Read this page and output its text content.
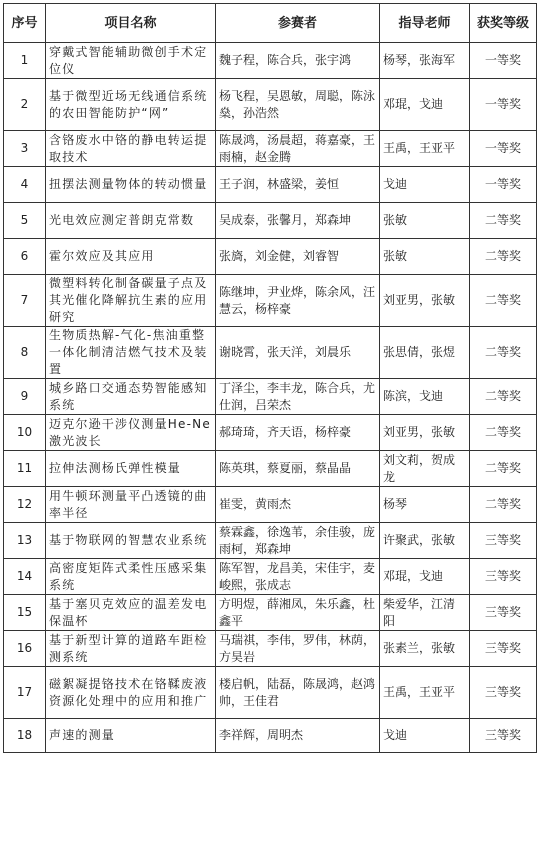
序号	项目名称	参赛者	指导老师	获奖等级
1	穿戴式智能辅助微创手术定位仪	魏子程，陈合兵，张宇鸿	杨琴，张海军	一等奖
2	基于微型近场无线通信系统的农田智能防护“网”	杨飞程，吴恩敏，周聪，陈泳燊，孙浩然	邓琨，戈迪	一等奖
3	含铬废水中铬的静电转运提取技术	陈晟鸿，汤晨超，蒋嘉豪，王雨楠，赵金腾	王禹，王亚平	一等奖
4	扭摆法测量物体的转动惯量	王子润，林盛梁，姜恒	戈迪	一等奖
5	光电效应测定普朗克常数	吴成泰，张馨月，郑森坤	张敏	二等奖
6	霍尔效应及其应用	张旖，刘金健，刘睿智	张敏	二等奖
7	微塑料转化制备碳量子点及其光催化降解抗生素的应用研究	陈继坤，尹业烨，陈余风，汪慧云，杨梓豪	刘亚男，张敏	二等奖
8	生物质热解-气化-焦油重整一体化制清洁燃气技术及装置	谢晓霄，张天洋，刘晨乐	张思倩，张煜	二等奖
9	城乡路口交通态势智能感知系统	丁泽尘，李丰龙，陈合兵，尤仕润，吕荣杰	陈滨，戈迪	二等奖
10	迈克尔逊干涉仪测量He-Ne激光波长	郝琦琦，齐天语，杨梓豪	刘亚男，张敏	二等奖
11	拉伸法测杨氏弹性模量	陈英琪，蔡夏丽，蔡晶晶	刘文莉，贺成龙	二等奖
12	用牛顿环测量平凸透镜的曲率半径	崔雯，黄雨杰	杨琴	二等奖
13	基于物联网的智慧农业系统	蔡霖鑫，徐逸苇，余佳骏，庞雨柯，郑森坤	许聚武，张敏	三等奖
14	高密度矩阵式柔性压感采集系统	陈军智，龙昌美，宋佳宇，麦峻熙，张成志	邓琨，戈迪	三等奖
15	基于塞贝克效应的温差发电保温杯	方明煜，薛湘凤，朱乐鑫，杜鑫平	柴爱华，江清阳	三等奖
16	基于新型计算的道路车距检测系统	马瑞祺，李伟，罗伟，林荫，方昊岩	张素兰，张敏	三等奖
17	磁絮凝提铬技术在铬鞣废液资源化处理中的应用和推广	楼启帆，陆磊，陈晟鸿，赵鸿帅，王佳君	王禹，王亚平	三等奖
18	声速的测量	李祥辉，周明杰	戈迪	三等奖
